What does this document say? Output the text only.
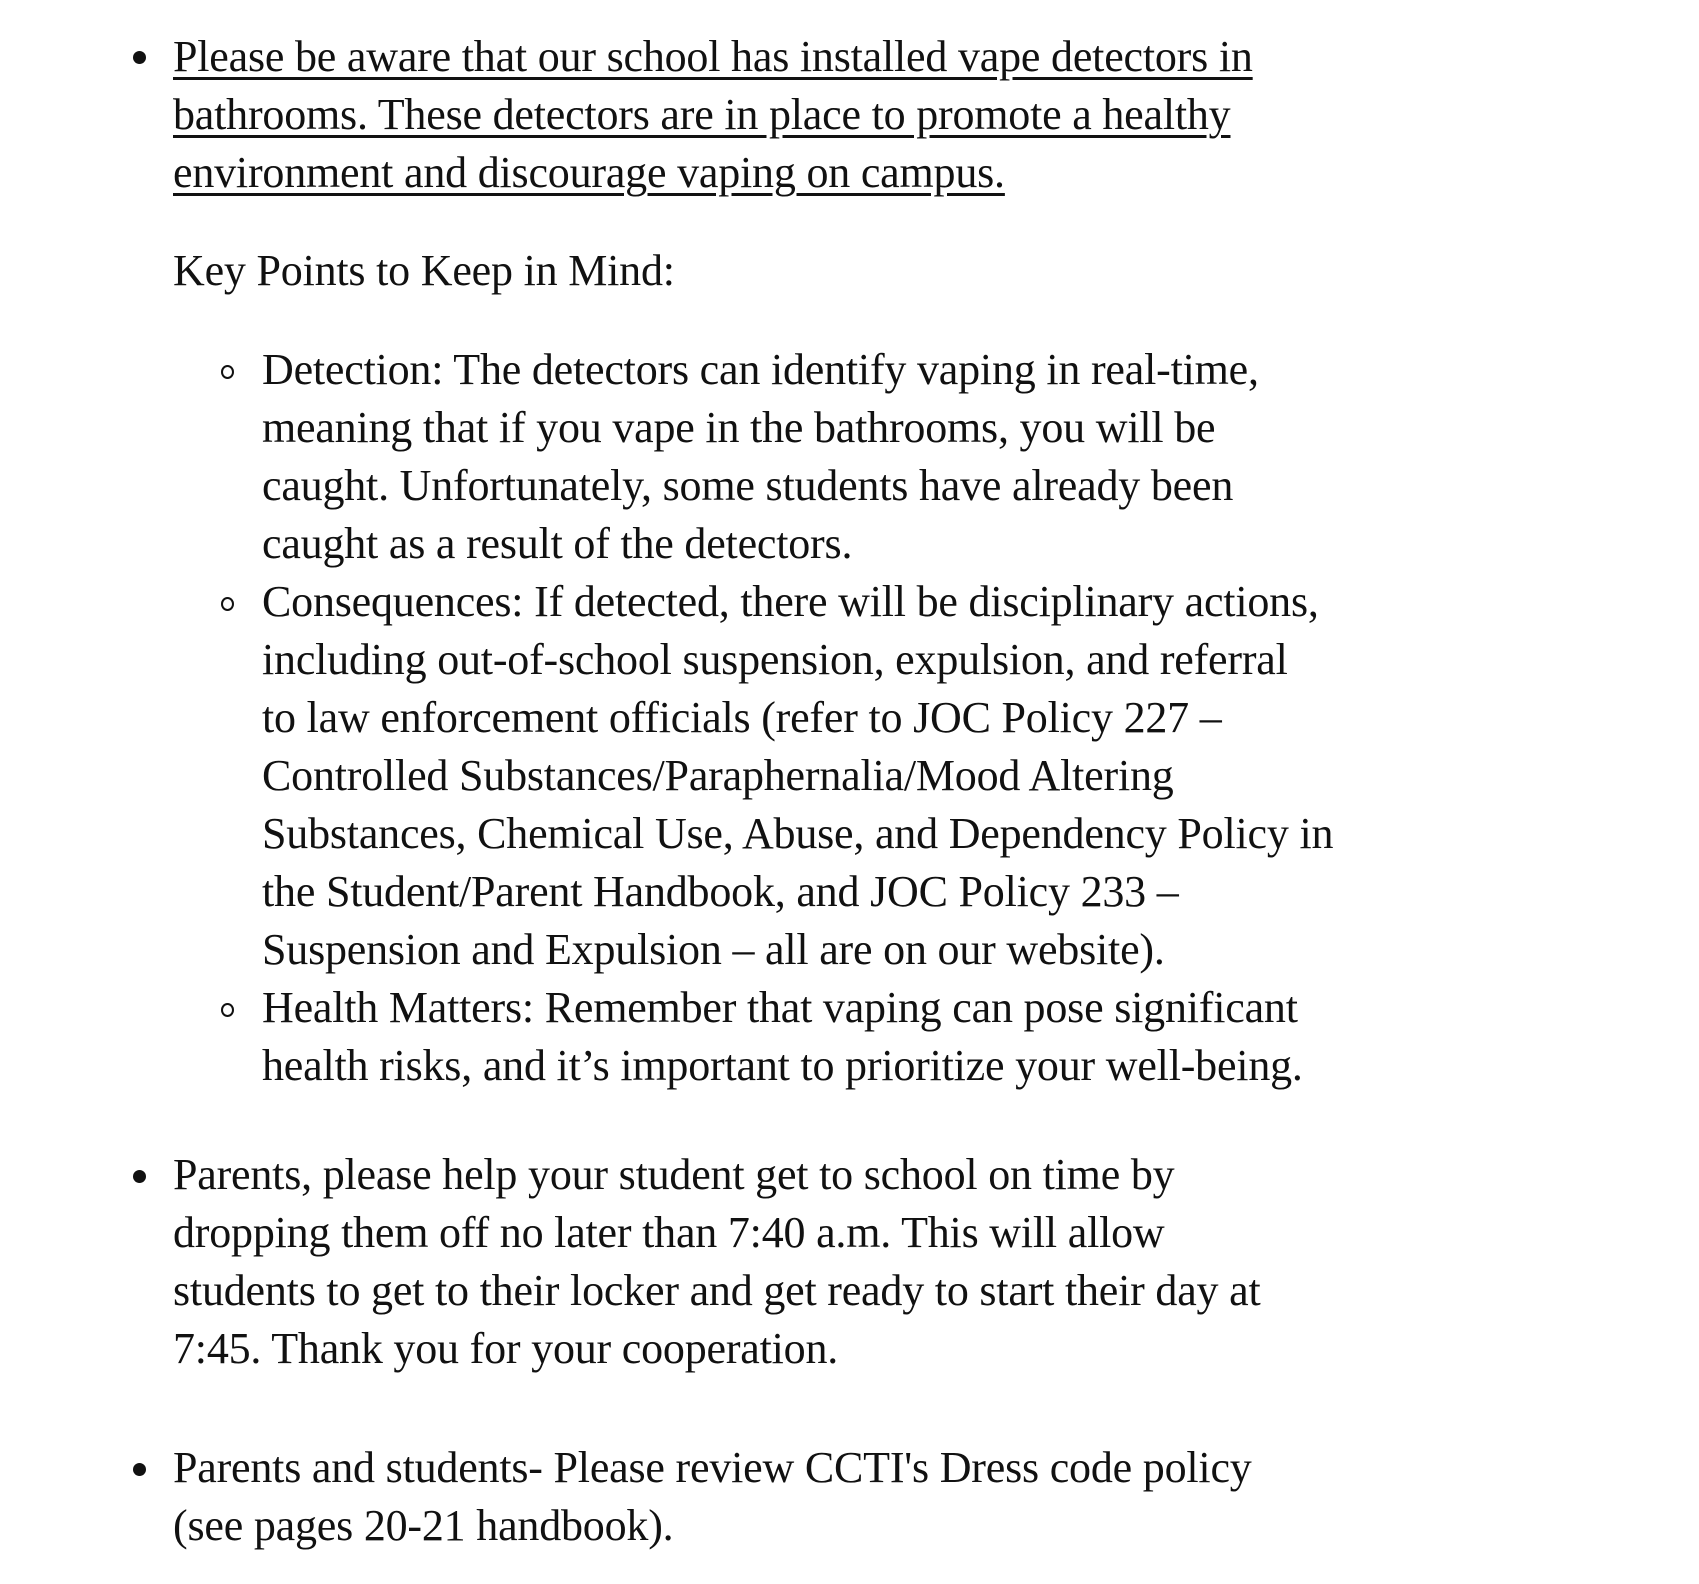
Please be aware that our school has installed vape detectors in
bathrooms. These detectors are in place to promote a healthy
environment and discourage vaping on campus.
Key Points to Keep in Mind:
Detection: The detectors can identify vaping in real-time,
meaning that if you vape in the bathrooms, you will be
caught. Unfortunately, some students have already been
caught as a result of the detectors.
Consequences: If detected, there will be disciplinary actions,
including out-of-school suspension, expulsion, and referral
to law enforcement officials (refer to JOC Policy 227 –
Controlled Substances/Paraphernalia/Mood Altering
Substances, Chemical Use, Abuse, and Dependency Policy in
the Student/Parent Handbook, and JOC Policy 233 –
Suspension and Expulsion – all are on our website).
Health Matters: Remember that vaping can pose significant
health risks, and it’s important to prioritize your well-being.
Parents, please help your student get to school on time by
dropping them off no later than 7:40 a.m. This will allow
students to get to their locker and get ready to start their day at
7:45. Thank you for your cooperation.
Parents and students- Please review CCTI's Dress code policy
(see pages 20-21 handbook).
